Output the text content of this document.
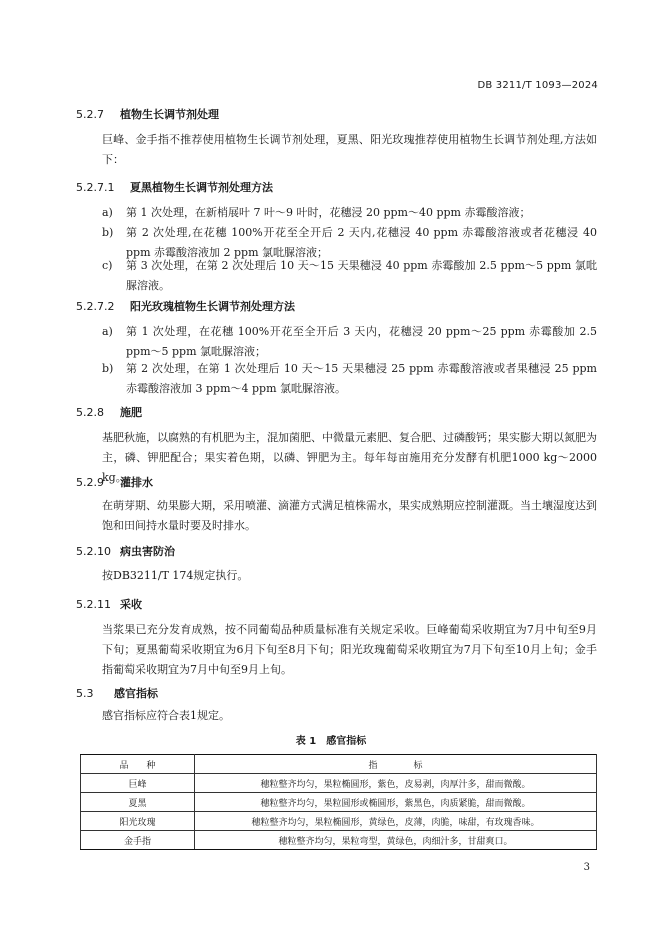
DB 3211/T 1093—2024
5.2.7 植物生长调节剂处理
巨峰、金手指不推荐使用植物生长调节剂处理，夏黑、阳光玫瑰推荐使用植物生长调节剂处理,方法如下：
5.2.7.1 夏黑植物生长调节剂处理方法
a) 第 1 次处理，在新梢展叶 7 叶～9 叶时，花穗浸 20 ppm～40 ppm 赤霉酸溶液；
b) 第 2 次处理,在花穗 100%开花至全开后 2 天内,花穗浸 40 ppm 赤霉酸溶液或者花穗浸 40 ppm 赤霉酸溶液加 2 ppm 氯吡脲溶液；
c) 第 3 次处理，在第 2 次处理后 10 天～15 天果穗浸 40 ppm 赤霉酸加 2.5 ppm～5 ppm 氯吡脲溶液。
5.2.7.2 阳光玫瑰植物生长调节剂处理方法
a) 第 1 次处理，在花穗 100%开花至全开后 3 天内，花穗浸 20 ppm～25 ppm 赤霉酸加 2.5 ppm～5 ppm 氯吡脲溶液；
b) 第 2 次处理，在第 1 次处理后 10 天～15 天果穗浸 25 ppm 赤霉酸溶液或者果穗浸 25 ppm 赤霉酸溶液加 3 ppm～4 ppm 氯吡脲溶液。
5.2.8 施肥
基肥秋施，以腐熟的有机肥为主，混加菌肥、中微量元素肥、复合肥、过磷酸钙；果实膨大期以氮肥为主，磷、钾肥配合；果实着色期，以磷、钾肥为主。每年每亩施用充分发酵有机肥1000 kg～2000 kg。
5.2.9 灌排水
在萌芽期、幼果膨大期，采用喷灌、滴灌方式满足植株需水，果实成熟期应控制灌溉。当土壤湿度达到饱和田间持水量时要及时排水。
5.2.10 病虫害防治
按DB3211/T 174规定执行。
5.2.11 采收
当浆果已充分发育成熟，按不同葡萄品种质量标准有关规定采收。巨峰葡萄采收期宜为7月中旬至9月下旬；夏黑葡萄采收期宜为6月下旬至8月下旬；阳光玫瑰葡萄采收期宜为7月下旬至10月上旬；金手指葡萄采收期宜为7月中旬至9月上旬。
5.3 感官指标
感官指标应符合表1规定。
表 1　感官指标
品　　种	指　　　　标
巨峰	穗粒整齐均匀，果粒椭圆形，紫色，皮易剥，肉厚汁多，甜而微酸。
夏黑	穗粒整齐均匀，果粒圆形或椭圆形，紫黑色，肉质紧脆，甜而微酸。
阳光玫瑰	穗粒整齐均匀，果粒椭圆形，黄绿色，皮薄，肉脆，味甜，有玫瑰香味。
金手指	穗粒整齐均匀，果粒弯型，黄绿色，肉细汁多，甘甜爽口。
3
